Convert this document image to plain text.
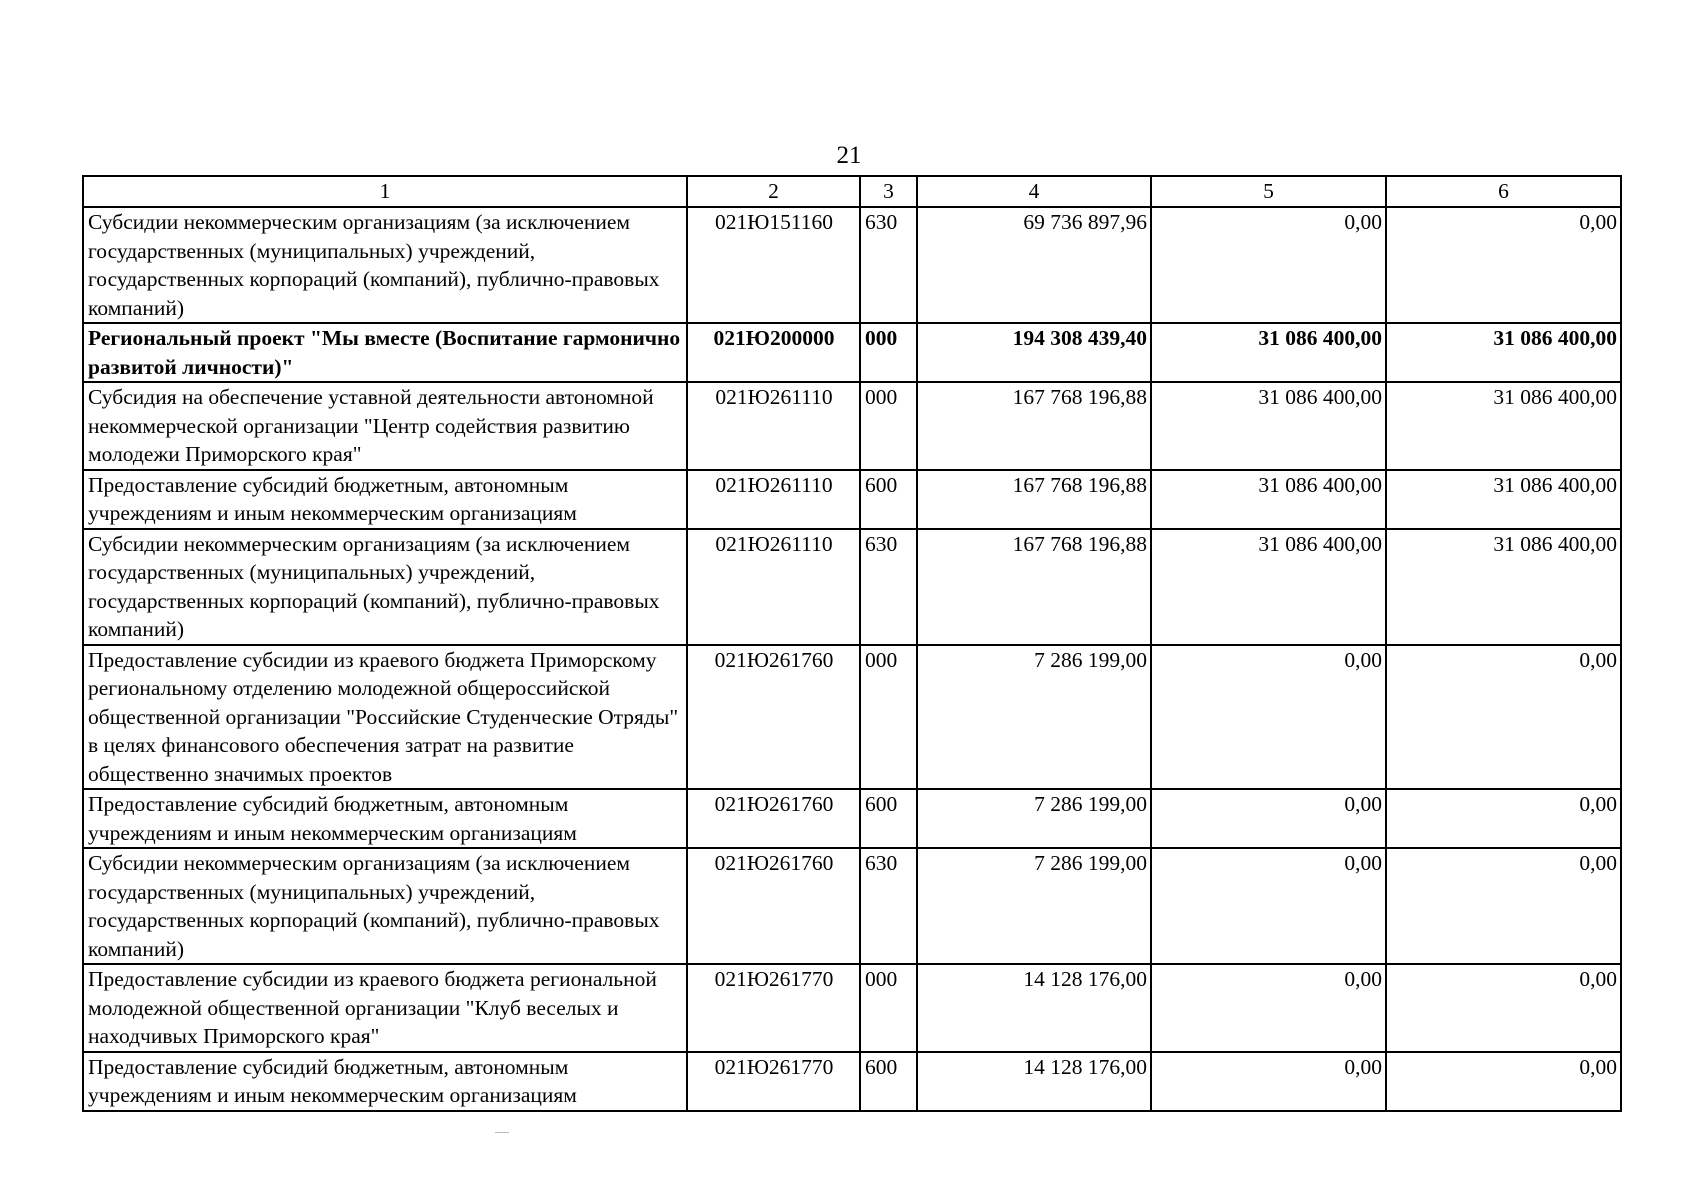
21
1	2	3	4	5	6
Субсидии некоммерческим организациям (за исключением государственных (муниципальных) учреждений, государственных корпораций (компаний), публично-правовых компаний)	021Ю151160	630	69 736 897,96	0,00	0,00
Региональный проект "Мы вместе (Воспитание гармонично развитой личности)"	021Ю200000	000	194 308 439,40	31 086 400,00	31 086 400,00
Субсидия на обеспечение уставной деятельности автономной некоммерческой организации "Центр содействия развитию молодежи Приморского края"	021Ю261110	000	167 768 196,88	31 086 400,00	31 086 400,00
Предоставление субсидий бюджетным, автономным учреждениям и иным некоммерческим организациям	021Ю261110	600	167 768 196,88	31 086 400,00	31 086 400,00
Субсидии некоммерческим организациям (за исключением государственных (муниципальных) учреждений, государственных корпораций (компаний), публично-правовых компаний)	021Ю261110	630	167 768 196,88	31 086 400,00	31 086 400,00
Предоставление субсидии из краевого бюджета Приморскому региональному отделению молодежной общероссийской общественной организации "Российские Студенческие Отряды" в целях финансового обеспечения затрат на развитие общественно значимых проектов	021Ю261760	000	7 286 199,00	0,00	0,00
Предоставление субсидий бюджетным, автономным учреждениям и иным некоммерческим организациям	021Ю261760	600	7 286 199,00	0,00	0,00
Субсидии некоммерческим организациям (за исключением государственных (муниципальных) учреждений, государственных корпораций (компаний), публично-правовых компаний)	021Ю261760	630	7 286 199,00	0,00	0,00
Предоставление субсидии из краевого бюджета региональной молодежной общественной организации "Клуб веселых и находчивых Приморского края"	021Ю261770	000	14 128 176,00	0,00	0,00
Предоставление субсидий бюджетным, автономным учреждениям и иным некоммерческим организациям	021Ю261770	600	14 128 176,00	0,00	0,00
